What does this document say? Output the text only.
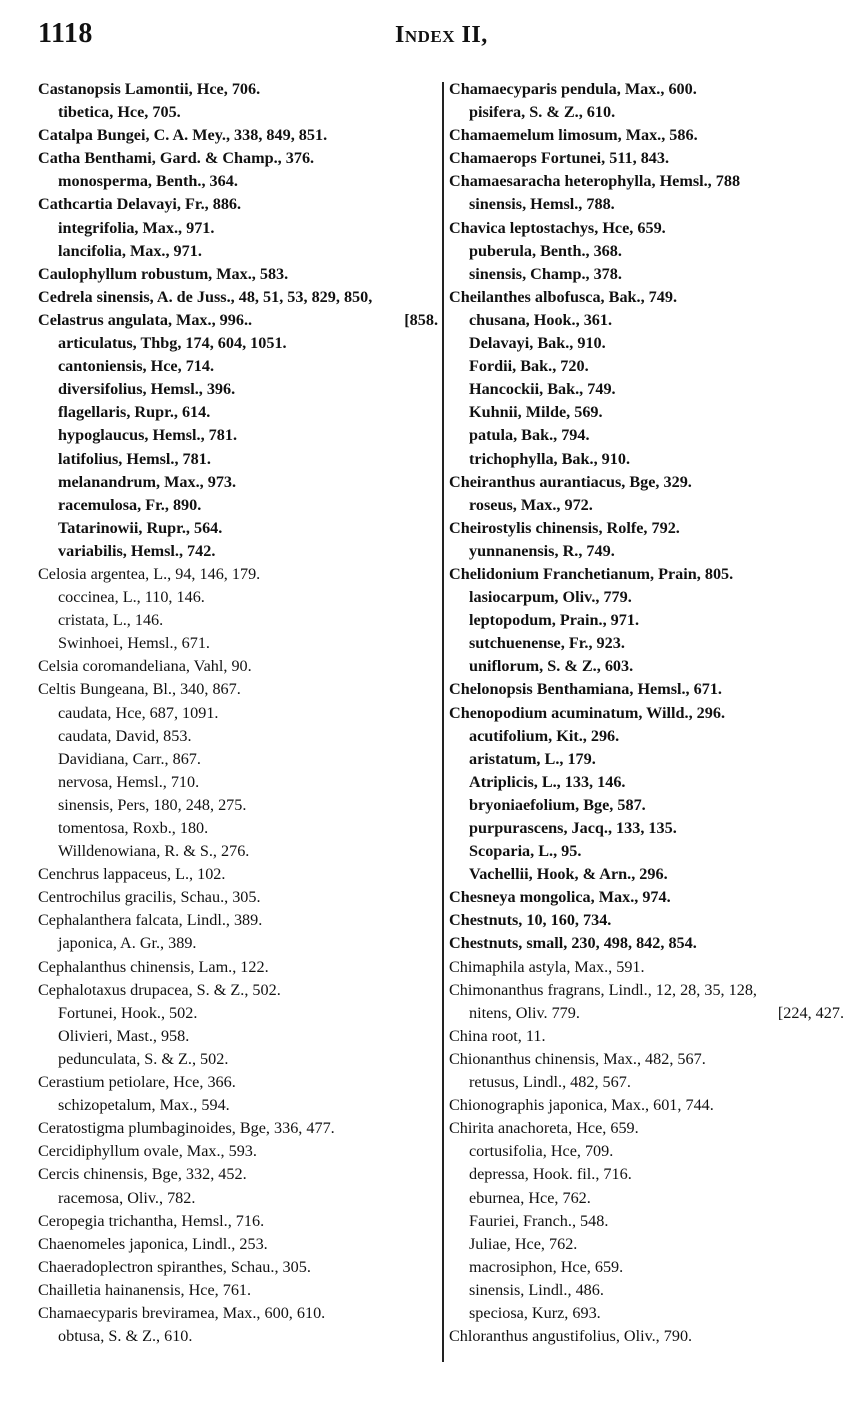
1118	Index II,
Castanopsis Lamontii, Hce, 706.
tibetica, Hce, 705.
Catalpa Bungei, C. A. Mey., 338, 849, 851.
Catha Benthami, Gard. & Champ., 376.
monosperma, Benth., 364.
Cathcartia Delavayi, Fr., 886.
integrifolia, Max., 971.
lancifolia, Max., 971.
Caulophyllum robustum, Max., 583.
Cedrela sinensis, A. de Juss., 48, 51, 53, 829, 850,
Celastrus angulata, Max., 996..	[858.
articulatus, Thbg, 174, 604, 1051.
cantoniensis, Hce, 714.
diversifolius, Hemsl., 396.
flagellaris, Rupr., 614.
hypoglaucus, Hemsl., 781.
latifolius, Hemsl., 781.
melanandrum, Max., 973.
racemulosa, Fr., 890.
Tatarinowii, Rupr., 564.
variabilis, Hemsl., 742.
Celosia argentea, L., 94, 146, 179.
coccinea, L., 110, 146.
cristata, L., 146.
Swinhoei, Hemsl., 671.
Celsia coromandeliana, Vahl, 90.
Celtis Bungeana, Bl., 340, 867.
caudata, Hce, 687, 1091.
caudata, David, 853.
Davidiana, Carr., 867.
nervosa, Hemsl., 710.
sinensis, Pers, 180, 248, 275.
tomentosa, Roxb., 180.
Willdenowiana, R. & S., 276.
Cenchrus lappaceus, L., 102.
Centrochilus gracilis, Schau., 305.
Cephalanthera falcata, Lindl., 389.
japonica, A. Gr., 389.
Cephalanthus chinensis, Lam., 122.
Cephalotaxus drupacea, S. & Z., 502.
Fortunei, Hook., 502.
Olivieri, Mast., 958.
pedunculata, S. & Z., 502.
Cerastium petiolare, Hce, 366.
schizopetalum, Max., 594.
Ceratostigma plumbaginoides, Bge, 336, 477.
Cercidiphyllum ovale, Max., 593.
Cercis chinensis, Bge, 332, 452.
racemosa, Oliv., 782.
Ceropegia trichantha, Hemsl., 716.
Chaenomeles japonica, Lindl., 253.
Chaeradoplectron spiranthes, Schau., 305.
Chailletia hainanensis, Hce, 761.
Chamaecyparis breviramea, Max., 600, 610.
obtusa, S. & Z., 610.
Chamaecyparis pendula, Max., 600.
pisifera, S. & Z., 610.
Chamaemelum limosum, Max., 586.
Chamaerops Fortunei, 511, 843.
Chamaesaracha heterophylla, Hemsl., 788
sinensis, Hemsl., 788.
Chavica leptostachys, Hce, 659.
puberula, Benth., 368.
sinensis, Champ., 378.
Cheilanthes albofusca, Bak., 749.
chusana, Hook., 361.
Delavayi, Bak., 910.
Fordii, Bak., 720.
Hancockii, Bak., 749.
Kuhnii, Milde, 569.
patula, Bak., 794.
trichophylla, Bak., 910.
Cheiranthus aurantiacus, Bge, 329.
roseus, Max., 972.
Cheirostylis chinensis, Rolfe, 792.
yunnanensis, R., 749.
Chelidonium Franchetianum, Prain, 805.
lasiocarpum, Oliv., 779.
leptopodum, Prain., 971.
sutchuenense, Fr., 923.
uniflorum, S. & Z., 603.
Chelonopsis Benthamiana, Hemsl., 671.
Chenopodium acuminatum, Willd., 296.
acutifolium, Kit., 296.
aristatum, L., 179.
Atriplicis, L., 133, 146.
bryoniaefolium, Bge, 587.
purpurascens, Jacq., 133, 135.
Scoparia, L., 95.
Vachellii, Hook, & Arn., 296.
Chesneya mongolica, Max., 974.
Chestnuts, 10, 160, 734.
Chestnuts, small, 230, 498, 842, 854.
Chimaphila astyla, Max., 591.
Chimonanthus fragrans, Lindl., 12, 28, 35, 128,
nitens, Oliv. 779.	[224, 427.
China root, 11.
Chionanthus chinensis, Max., 482, 567.
retusus, Lindl., 482, 567.
Chionographis japonica, Max., 601, 744.
Chirita anachoreta, Hce, 659.
cortusifolia, Hce, 709.
depressa, Hook. fil., 716.
eburnea, Hce, 762.
Fauriei, Franch., 548.
Juliae, Hce, 762.
macrosiphon, Hce, 659.
sinensis, Lindl., 486.
speciosa, Kurz, 693.
Chloranthus angustifolius, Oliv., 790.
